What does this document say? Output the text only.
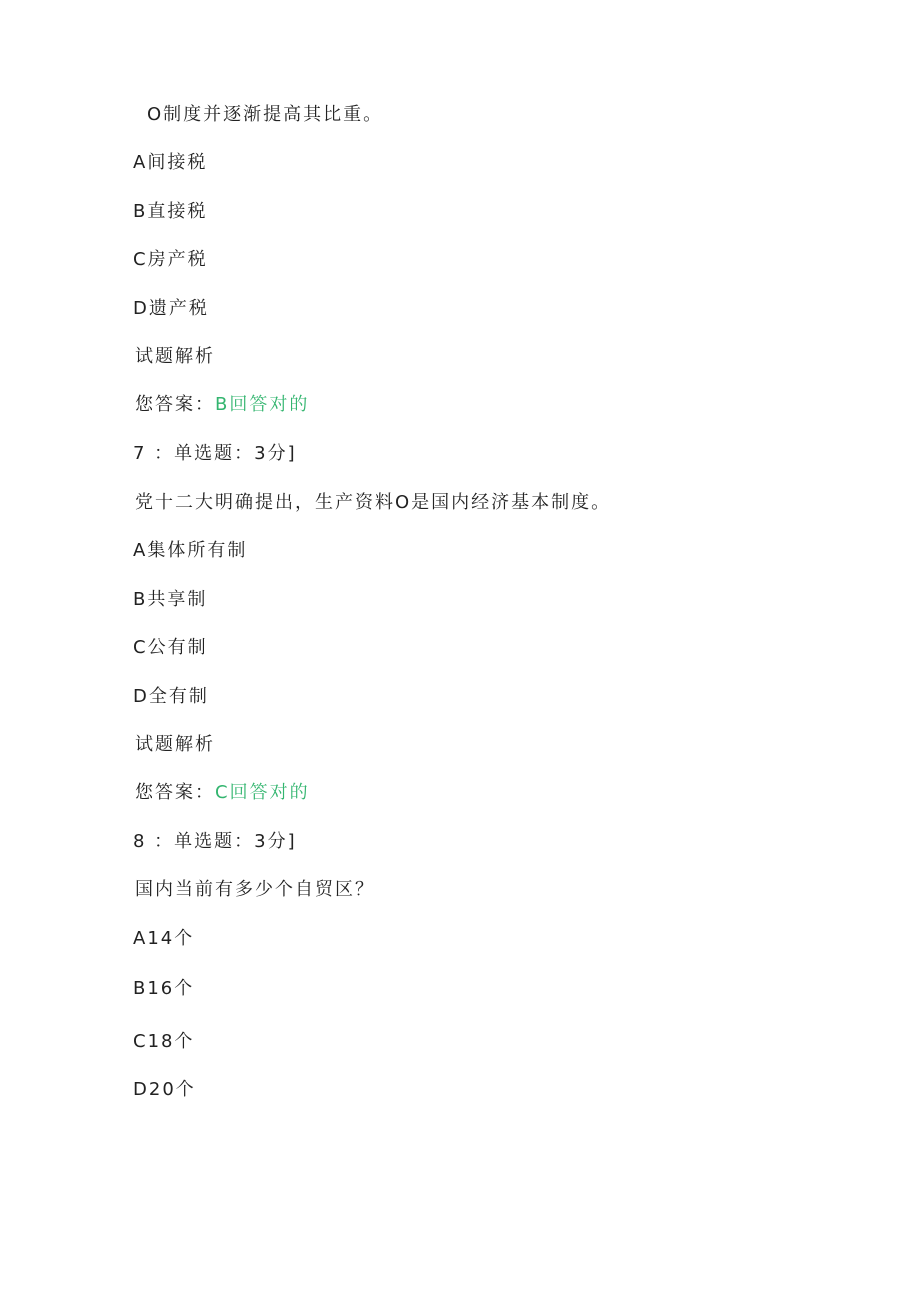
O制度并逐渐提高其比重。
A间接税
B直接税
C房产税
D遗产税
试题解析
您答案：B回答对的
7 ：单选题：3分]
党十二大明确提出，生产资料O是国内经济基本制度。
A集体所有制
B共享制
C公有制
D全有制
试题解析
您答案：C回答对的
8 ：单选题：3分]
国内当前有多少个自贸区？
A14个
B16个
C18个
D20个
